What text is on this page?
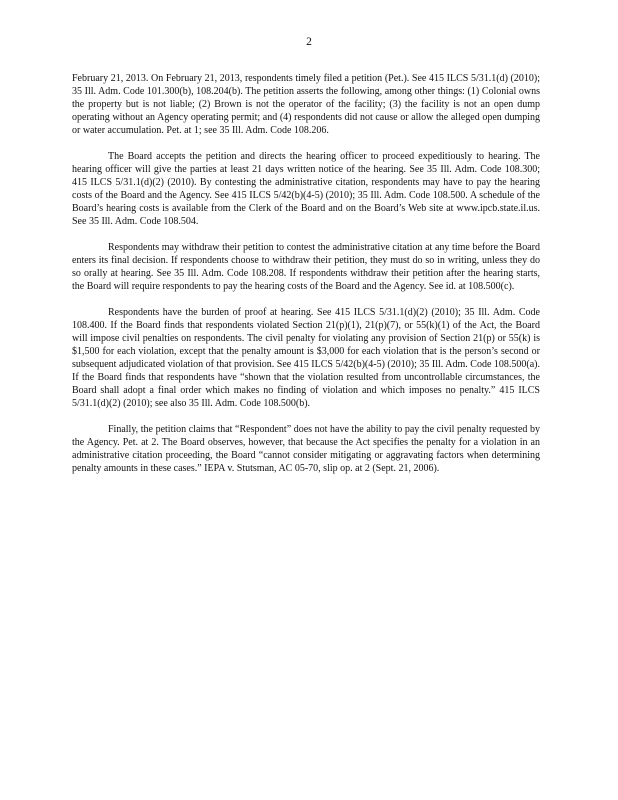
2

February 21, 2013. On February 21, 2013, respondents timely filed a petition (Pet.). See 415 ILCS 5/31.1(d) (2010); 35 Ill. Adm. Code 101.300(b), 108.204(b). The petition asserts the following, among other things: (1) Colonial owns the property but is not liable; (2) Brown is not the operator of the facility; (3) the facility is not an open dump operating without an Agency operating permit; and (4) respondents did not cause or allow the alleged open dumping or water accumulation. Pet. at 1; see 35 Ill. Adm. Code 108.206.

The Board accepts the petition and directs the hearing officer to proceed expeditiously to hearing. The hearing officer will give the parties at least 21 days written notice of the hearing. See 35 Ill. Adm. Code 108.300; 415 ILCS 5/31.1(d)(2) (2010). By contesting the administrative citation, respondents may have to pay the hearing costs of the Board and the Agency. See 415 ILCS 5/42(b)(4-5) (2010); 35 Ill. Adm. Code 108.500. A schedule of the Board’s hearing costs is available from the Clerk of the Board and on the Board’s Web site at www.ipcb.state.il.us. See 35 Ill. Adm. Code 108.504.

Respondents may withdraw their petition to contest the administrative citation at any time before the Board enters its final decision. If respondents choose to withdraw their petition, they must do so in writing, unless they do so orally at hearing. See 35 Ill. Adm. Code 108.208. If respondents withdraw their petition after the hearing starts, the Board will require respondents to pay the hearing costs of the Board and the Agency. See id. at 108.500(c).

Respondents have the burden of proof at hearing. See 415 ILCS 5/31.1(d)(2) (2010); 35 Ill. Adm. Code 108.400. If the Board finds that respondents violated Section 21(p)(1), 21(p)(7), or 55(k)(1) of the Act, the Board will impose civil penalties on respondents. The civil penalty for violating any provision of Section 21(p) or 55(k) is $1,500 for each violation, except that the penalty amount is $3,000 for each violation that is the person’s second or subsequent adjudicated violation of that provision. See 415 ILCS 5/42(b)(4-5) (2010); 35 Ill. Adm. Code 108.500(a). If the Board finds that respondents have “shown that the violation resulted from uncontrollable circumstances, the Board shall adopt a final order which makes no finding of violation and which imposes no penalty.” 415 ILCS 5/31.1(d)(2) (2010); see also 35 Ill. Adm. Code 108.500(b).

Finally, the petition claims that “Respondent” does not have the ability to pay the civil penalty requested by the Agency. Pet. at 2. The Board observes, however, that because the Act specifies the penalty for a violation in an administrative citation proceeding, the Board “cannot consider mitigating or aggravating factors when determining penalty amounts in these cases.” IEPA v. Stutsman, AC 05-70, slip op. at 2 (Sept. 21, 2006).
